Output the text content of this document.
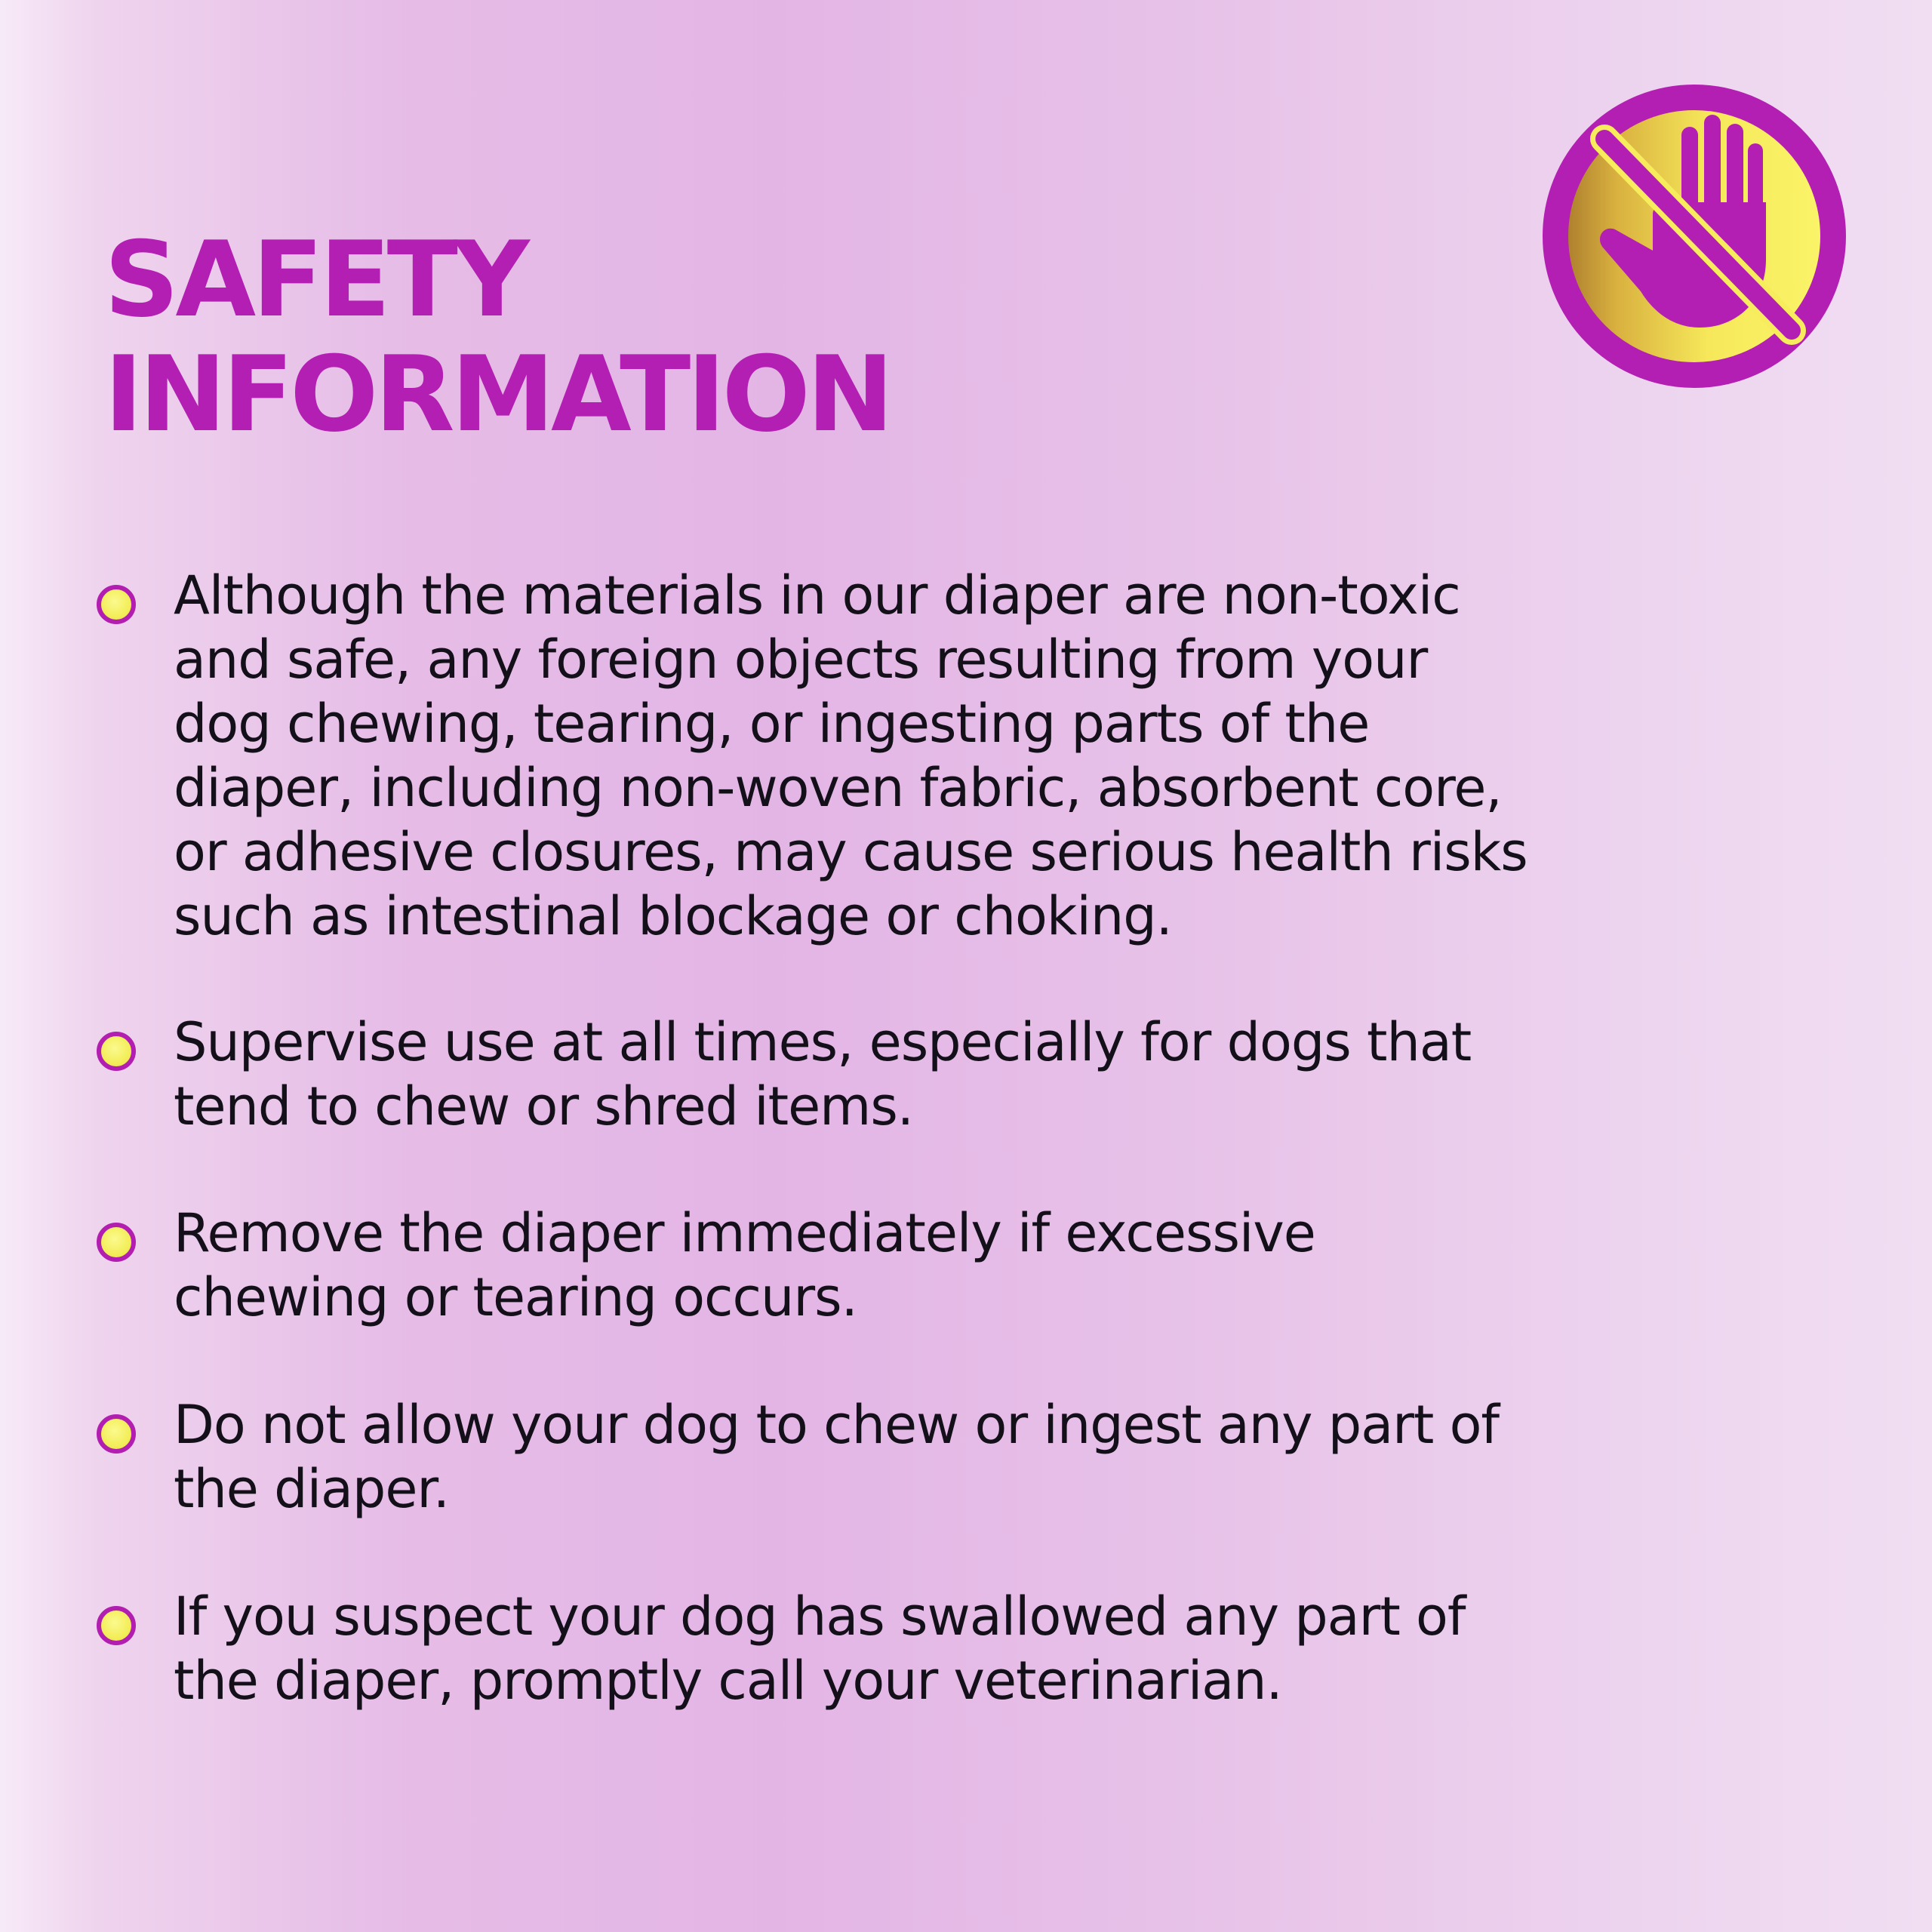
SAFETY
INFORMATION

Although the materials in our diaper are non-toxic
and safe, any foreign objects resulting from your
dog chewing, tearing, or ingesting parts of the
diaper, including non-woven fabric, absorbent core,
or adhesive closures, may cause serious health risks
such as intestinal blockage or choking.

Supervise use at all times, especially for dogs that
tend to chew or shred items.

Remove the diaper immediately if excessive
chewing or tearing occurs.

Do not allow your dog to chew or ingest any part of
the diaper.

If you suspect your dog has swallowed any part of
the diaper, promptly call your veterinarian.
